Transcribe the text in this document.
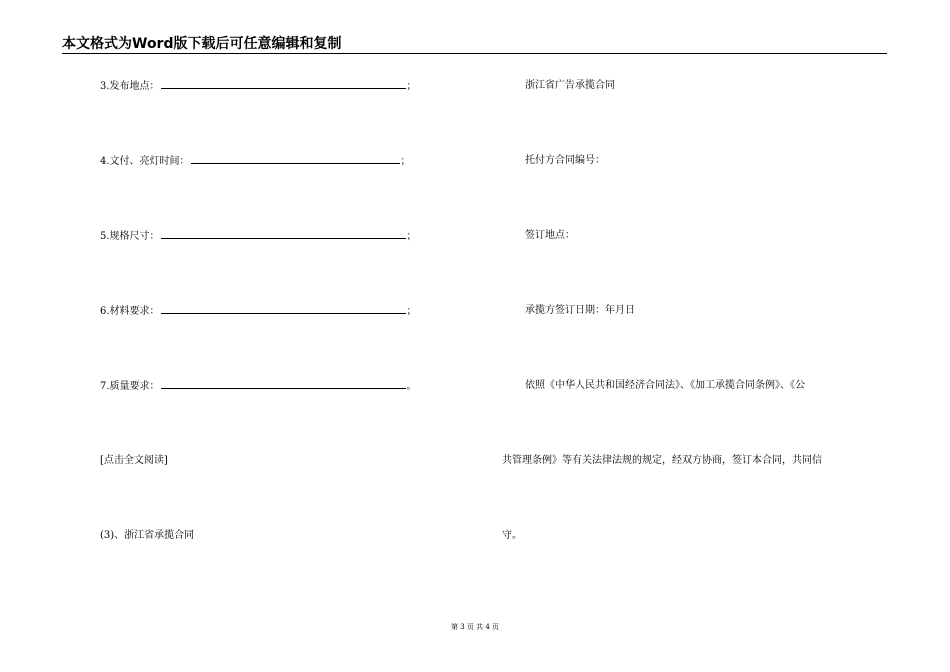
本文格式为Word版下载后可任意编辑和复制
3.发布地点：	；
4.文付、亮灯时间：	；
5.规格尺寸：	；
6.材料要求：	；
7.质量要求：	。
[点击全文阅读]
(3)、浙江省承揽合同
浙江省广告承揽合同
托付方合同编号：
签订地点：
承揽方签订日期：年月日
依照《中华人民共和国经济合同法》、《加工承揽合同条例》、《公
共管理条例》等有关法律法规的规定，经双方协商，签订本合同，共同信
守。
第 3 页 共 4 页
